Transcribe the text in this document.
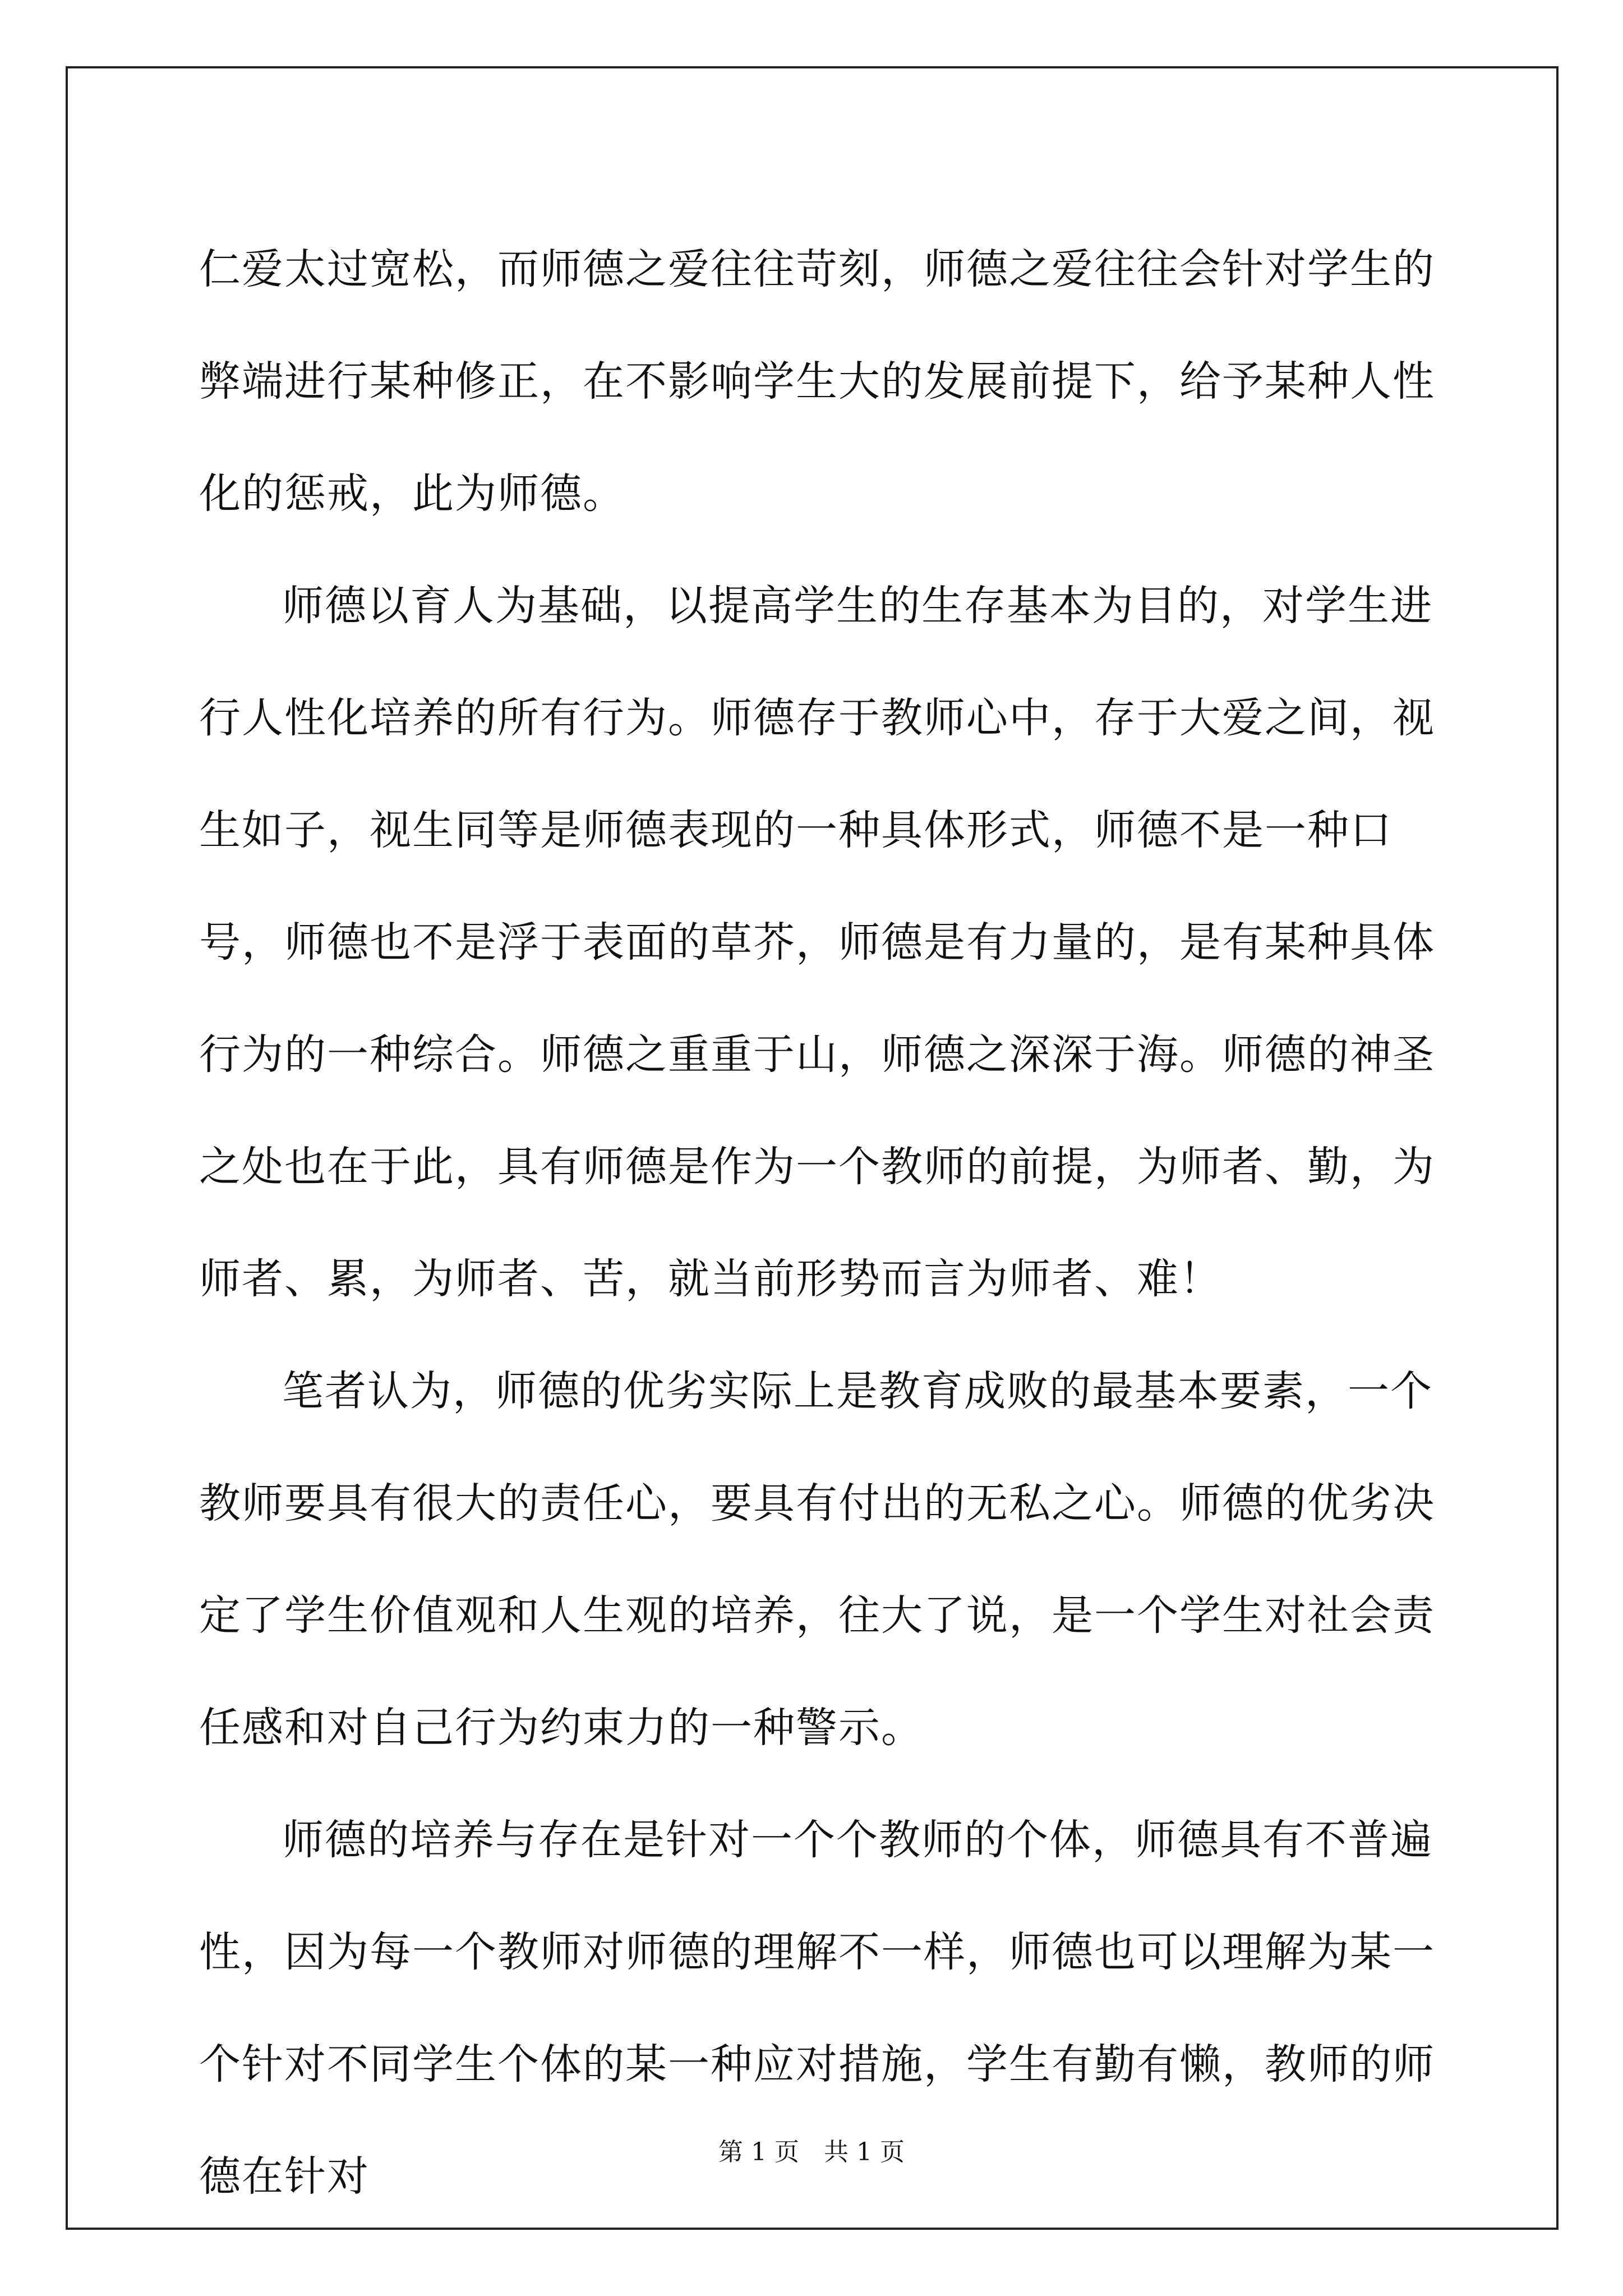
仁爱太过宽松，而师德之爱往往苛刻，师德之爱往往会针对学生的弊端进行某种修正，在不影响学生大的发展前提下，给予某种人性化的惩戒，此为师德。

师德以育人为基础，以提高学生的生存基本为目的，对学生进行人性化培养的所有行为。师德存于教师心中，存于大爱之间，视生如子，视生同等是师德表现的一种具体形式，师德不是一种口号，师德也不是浮于表面的草芥，师德是有力量的，是有某种具体行为的一种综合。师德之重重于山，师德之深深于海。师德的神圣之处也在于此，具有师德是作为一个教师的前提，为师者、勤，为师者、累，为师者、苦，就当前形势而言为师者、难！

笔者认为，师德的优劣实际上是教育成败的最基本要素，一个教师要具有很大的责任心，要具有付出的无私之心。师德的优劣决定了学生价值观和人生观的培养，往大了说，是一个学生对社会责任感和对自己行为约束力的一种警示。

师德的培养与存在是针对一个个教师的个体，师德具有不普遍性，因为每一个教师对师德的理解不一样，师德也可以理解为某一个针对不同学生个体的某一种应对措施，学生有勤有懒，教师的师德在针对

第 1 页　共 1 页
